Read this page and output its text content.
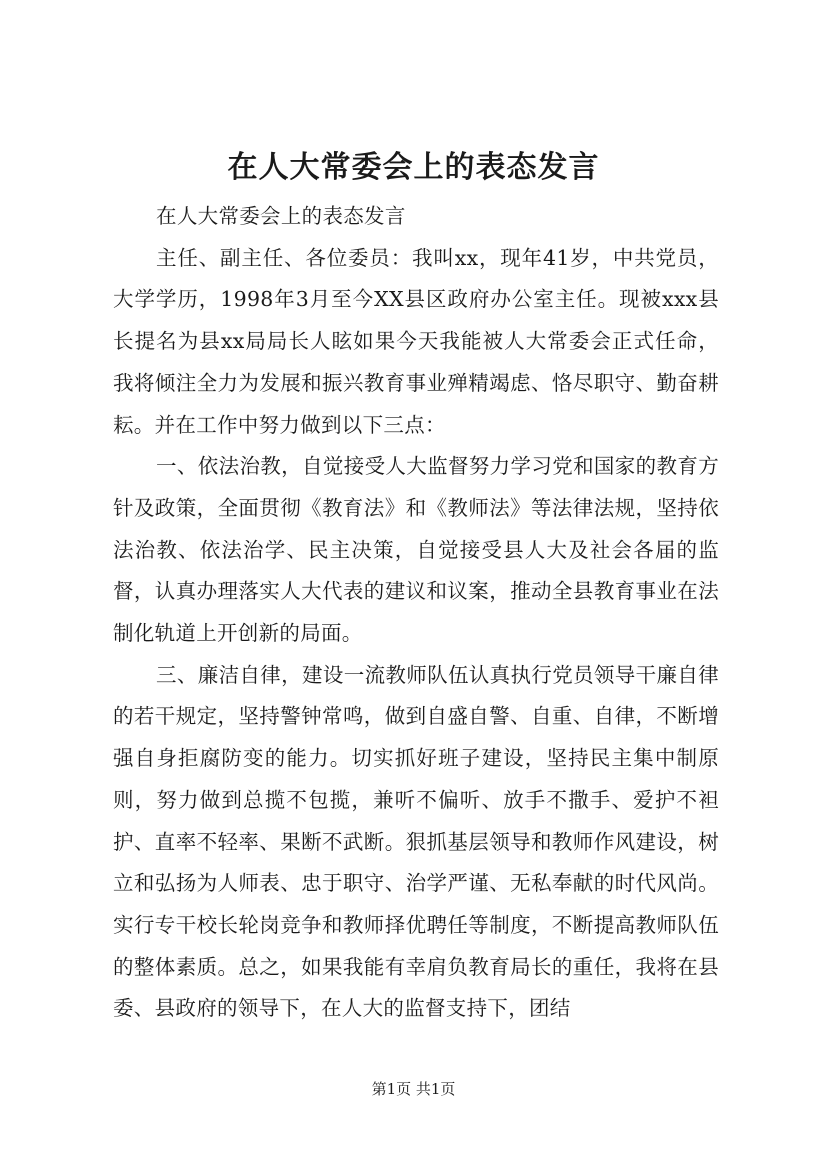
在人大常委会上的表态发言

在人大常委会上的表态发言

主任、副主任、各位委员：我叫xx，现年41岁，中共党员，大学学历，1998年3月至今XX县区政府办公室主任。现被xxx县长提名为县xx局局长人眩如果今天我能被人大常委会正式任命，我将倾注全力为发展和振兴教育事业殚精竭虑、恪尽职守、勤奋耕耘。并在工作中努力做到以下三点：

一、依法治教，自觉接受人大监督努力学习党和国家的教育方针及政策，全面贯彻《教育法》和《教师法》等法律法规，坚持依法治教、依法治学、民主决策，自觉接受县人大及社会各届的监督，认真办理落实人大代表的建议和议案，推动全县教育事业在法制化轨道上开创新的局面。

三、廉洁自律，建设一流教师队伍认真执行党员领导干廉自律的若干规定，坚持警钟常鸣，做到自盛自警、自重、自律，不断增强自身拒腐防变的能力。切实抓好班子建设，坚持民主集中制原则，努力做到总揽不包揽，兼听不偏听、放手不撒手、爱护不袒护、直率不轻率、果断不武断。狠抓基层领导和教师作风建设，树立和弘扬为人师表、忠于职守、治学严谨、无私奉献的时代风尚。实行专干校长轮岗竞争和教师择优聘任等制度，不断提高教师队伍的整体素质。总之，如果我能有幸肩负教育局长的重任，我将在县委、县政府的领导下，在人大的监督支持下，团结

第1页 共1页
